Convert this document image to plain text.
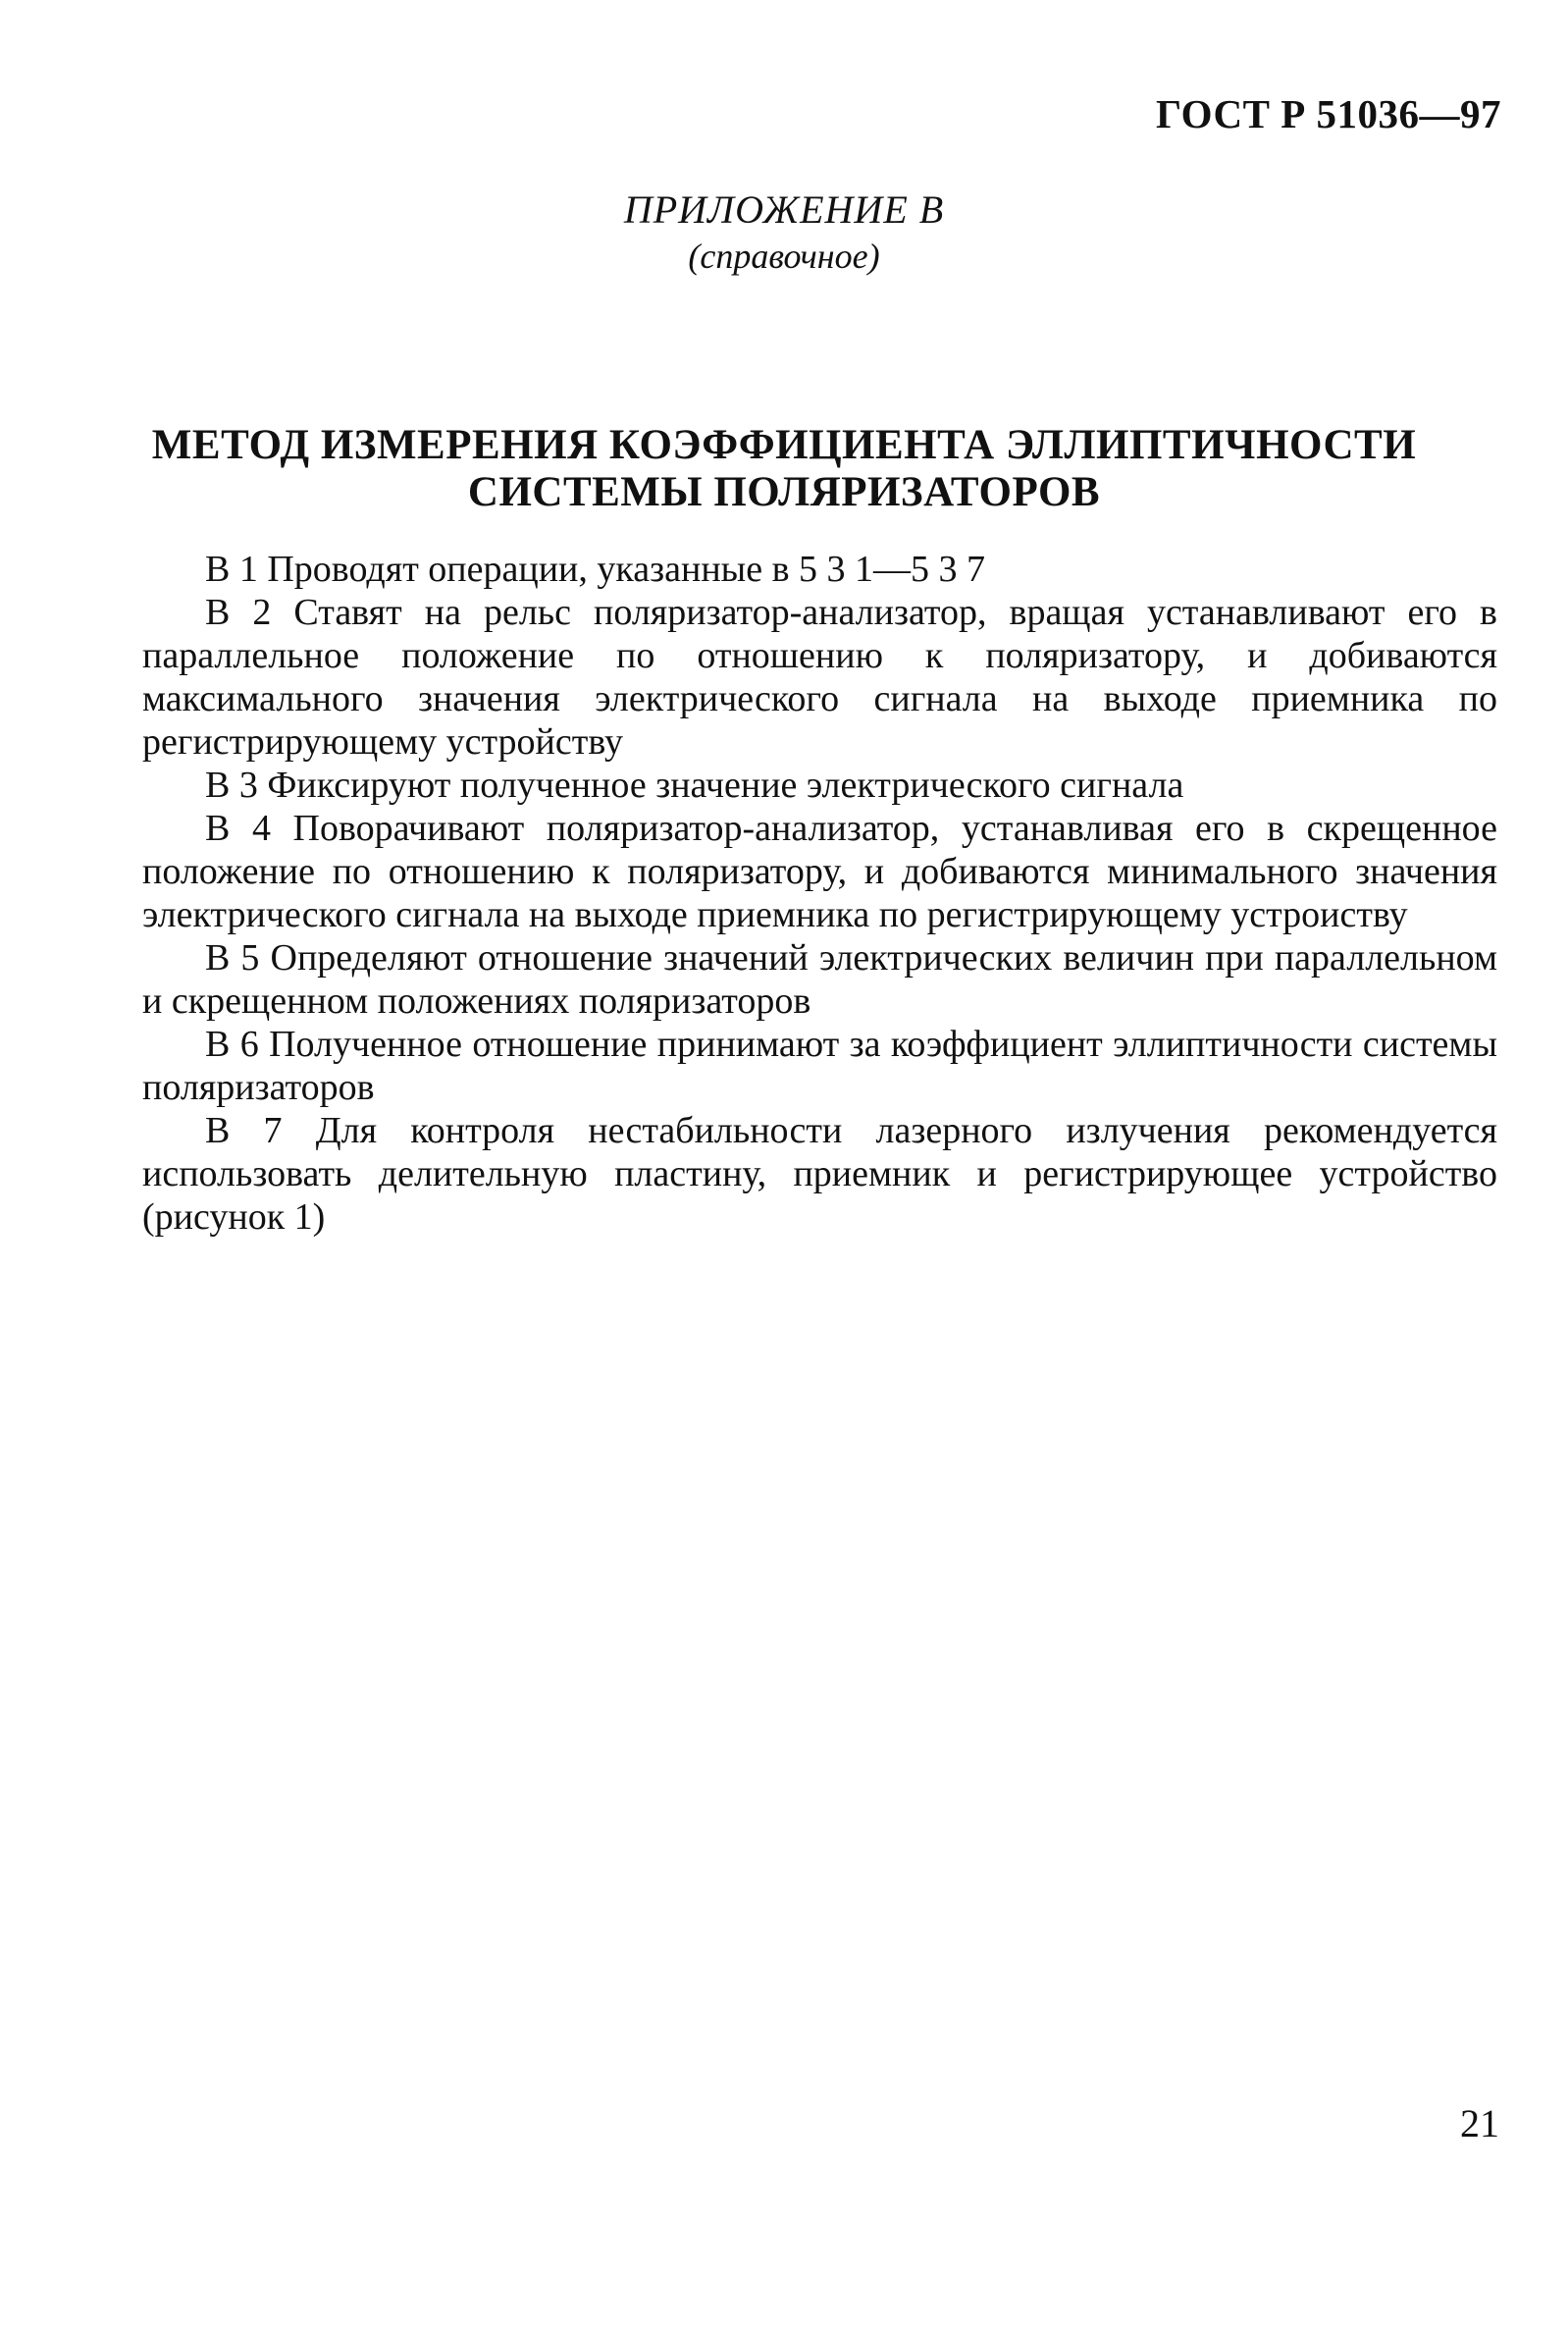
ГОСТ Р 51036—97
ПРИЛОЖЕНИЕ В
(справочное)
МЕТОД ИЗМЕРЕНИЯ КОЭФФИЦИЕНТА ЭЛЛИПТИЧНОСТИ
СИСТЕМЫ ПОЛЯРИЗАТОРОВ

В 1 Проводят операции, указанные в 5 3 1—5 3 7

В 2 Ставят на рельс поляризатор-анализатор, вращая устанавливают его в параллельное положение по отношению к поляризатору, и добиваются максимального значения электрического сигнала на выходе приемника по регистрирующему устройству

В 3 Фиксируют полученное значение электрического сигнала

В 4 Поворачивают поляризатор-анализатор, устанавливая его в скрещенное положение по отношению к поляризатору, и добиваются минимального значения электрического сигнала на выходе приемника по регистрирующему устроиству

В 5 Определяют отношение значений электрических величин при параллельном и скрещенном положениях поляризаторов

В 6 Полученное отношение принимают за коэффициент эллиптичности системы поляризаторов

В 7 Для контроля нестабильности лазерного излучения рекомендуется использовать делительную пластину, приемник и регистрирующее устройство (рисунок 1)

21
